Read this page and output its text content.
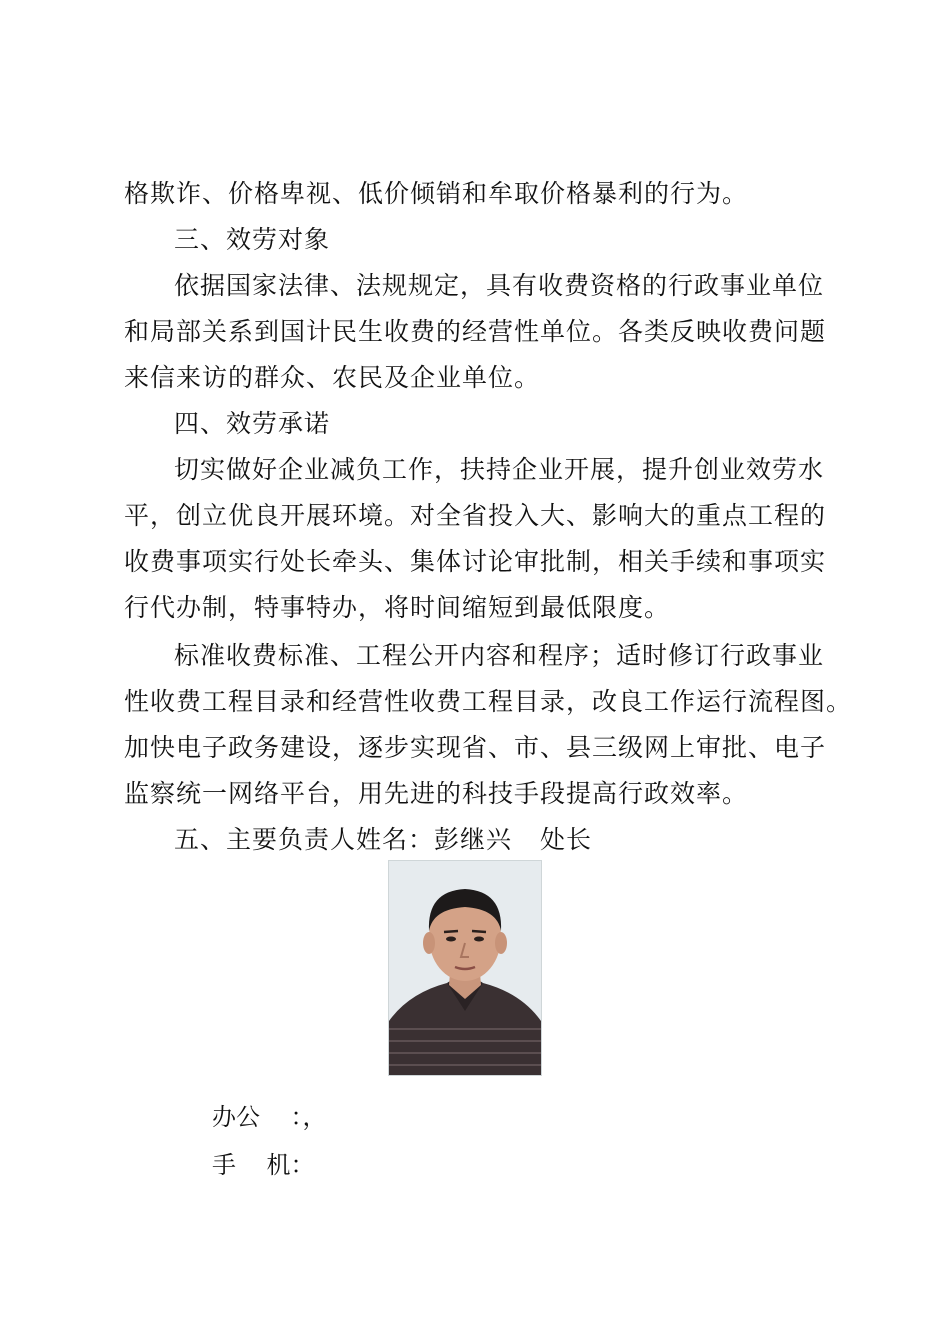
格欺诈、价格卑视、低价倾销和牟取价格暴利的行为。
三、效劳对象
依据国家法律、法规规定，具有收费资格的行政事业单位
和局部关系到国计民生收费的经营性单位。各类反映收费问题
来信来访的群众、农民及企业单位。
四、效劳承诺
切实做好企业减负工作，扶持企业开展，提升创业效劳水
平，创立优良开展环境。对全省投入大、影响大的重点工程的
收费事项实行处长牵头、集体讨论审批制，相关手续和事项实
行代办制，特事特办，将时间缩短到最低限度。
标准收费标准、工程公开内容和程序；适时修订行政事业
性收费工程目录和经营性收费工程目录，改良工作运行流程图。
加快电子政务建设，逐步实现省、市、县三级网上审批、电子
监察统一网络平台，用先进的科技手段提高行政效率。
五、主要负责人姓名：彭继兴 处长
办公    ：，
手    机：
